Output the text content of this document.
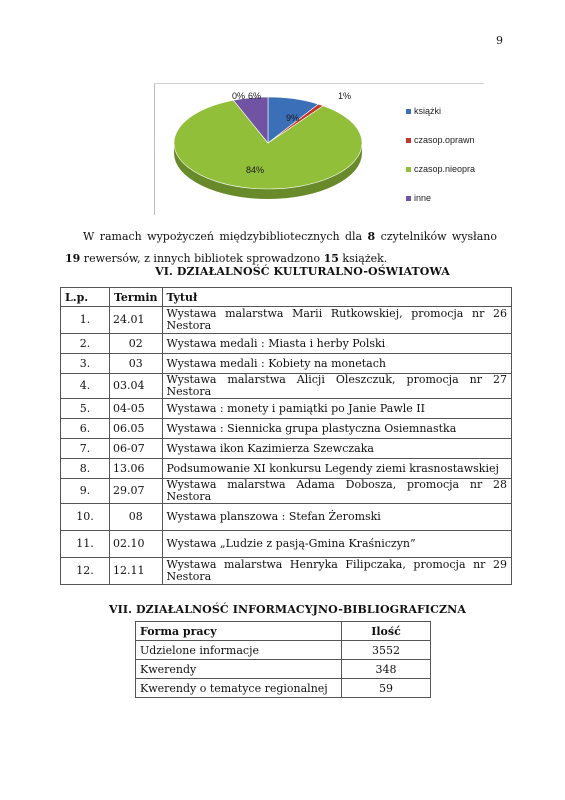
9
9%
1%
84%
6%
0%
książki
czasop.oprawn
czasop.nieopra
inne
W ramach wypożyczeń międzybibliotecznych dla 8 czytelników wysłano
19 rewersów, z innych bibliotek sprowadzono 15 książek.
VI. DZIAŁALNOŚĆ KULTURALNO-OŚWIATOWA
L.p.	Termin	Tytuł
1.	24.01	Wystawa malarstwa Marii Rutkowskiej, promocja nr 26 Nestora
2.	02	Wystawa medali : Miasta i herby Polski
3.	03	Wystawa medali : Kobiety na monetach
4.	03.04	Wystawa malarstwa Alicji Oleszczuk, promocja nr 27 Nestora
5.	04-05	Wystawa : monety i pamiątki po Janie Pawle II
6.	06.05	Wystawa : Siennicka grupa plastyczna Osiemnastka
7.	06-07	Wystawa ikon Kazimierza Szewczaka
8.	13.06	Podsumowanie XI konkursu Legendy ziemi krasnostawskiej
9.	29.07	Wystawa malarstwa Adama Dobosza, promocja nr 28 Nestora
10.	08	Wystawa planszowa : Stefan Żeromski
11.	02.10	Wystawa „Ludzie z pasją-Gmina Kraśniczyn”
12.	12.11	Wystawa malarstwa Henryka Filipczaka, promocja nr 29 Nestora
VII. DZIAŁALNOŚĆ INFORMACYJNO-BIBLIOGRAFICZNA
Forma pracy	Ilość
Udzielone informacje	3552
Kwerendy	348
Kwerendy o tematyce regionalnej	59
